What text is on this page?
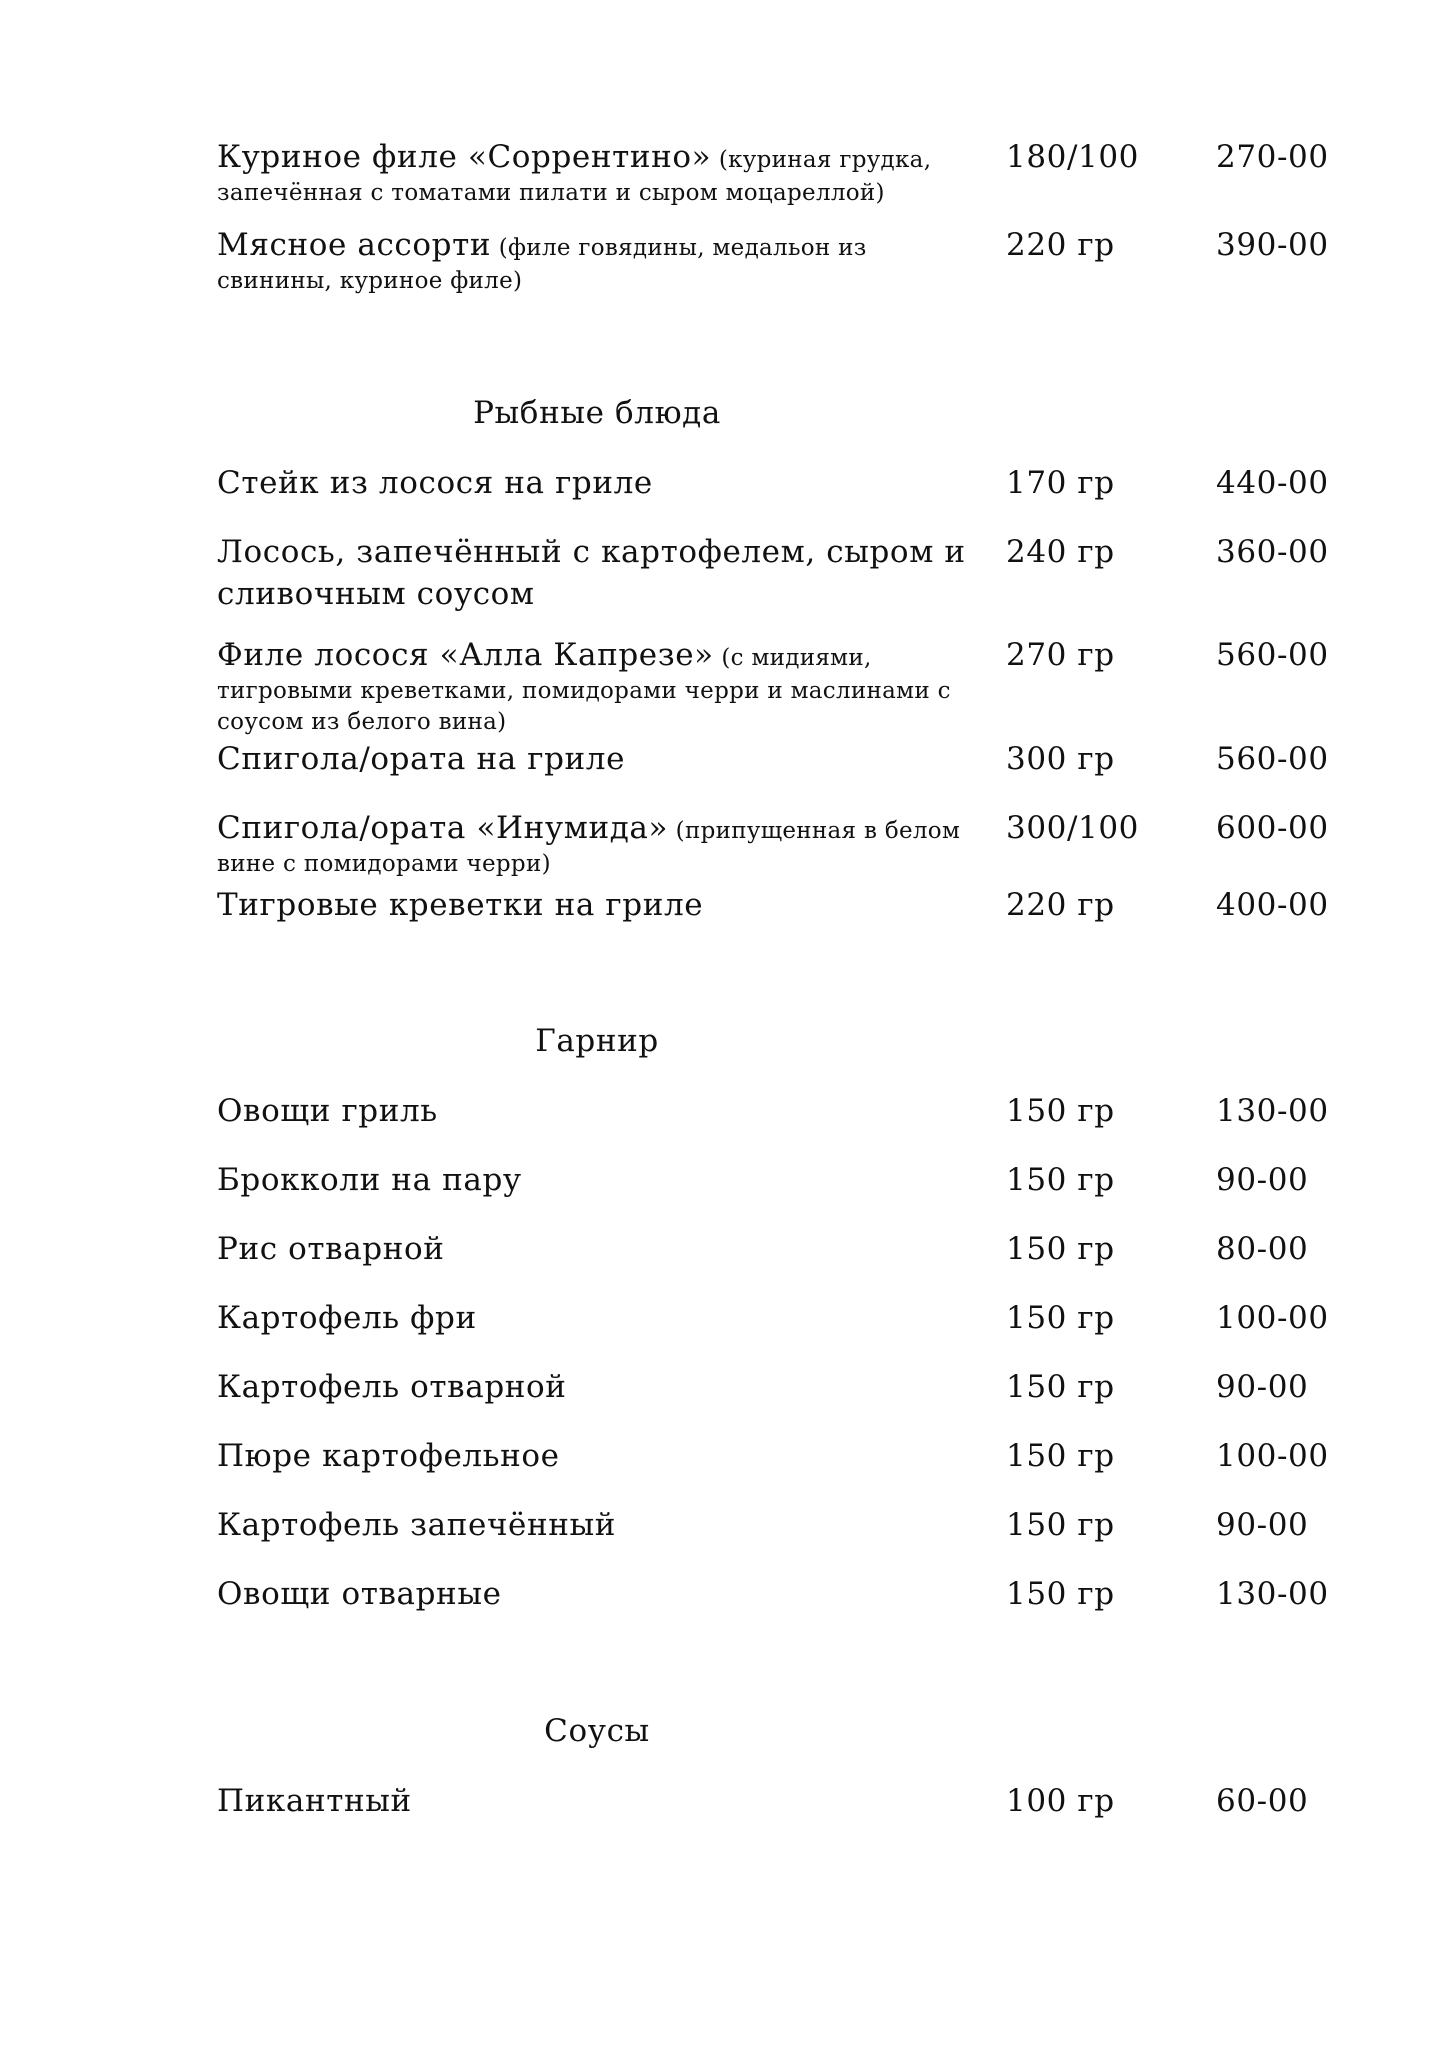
Куриное филе «Соррентино» (куриная грудка,
запечённая с томатами пилати и сыром моцареллой)
180/100 270-00
Мясное ассорти (филе говядины, медальон из
свинины, куриное филе)
220 гр	390-00
Рыбные блюда
Стейк из лосося на гриле	170 гр	440-00
Лосось, запечённый с картофелем, сыром и
сливочным соусом
240 гр	360-00
Филе лосося «Алла Капрезе» (с мидиями,
тигровыми креветками, помидорами черри и маслинами с
соусом из белого вина)
270 гр	560-00
Спигола/ората на гриле	300 гр	560-00
Спигола/ората «Инумида» (припущенная в белом
вине с помидорами черри)
300/100 600-00
Тигровые креветки на гриле	220 гр	400-00
Гарнир
Овощи гриль	150 гр	130-00
Брокколи на пару	150 гр	90-00
Рис отварной	150 гр	80-00
Картофель фри	150 гр	100-00
Картофель отварной	150 гр	90-00
Пюре картофельное	150 гр	100-00
Картофель запечённый	150 гр	90-00
Овощи отварные	150 гр	130-00
Соусы
Пикантный	100 гр	60-00
